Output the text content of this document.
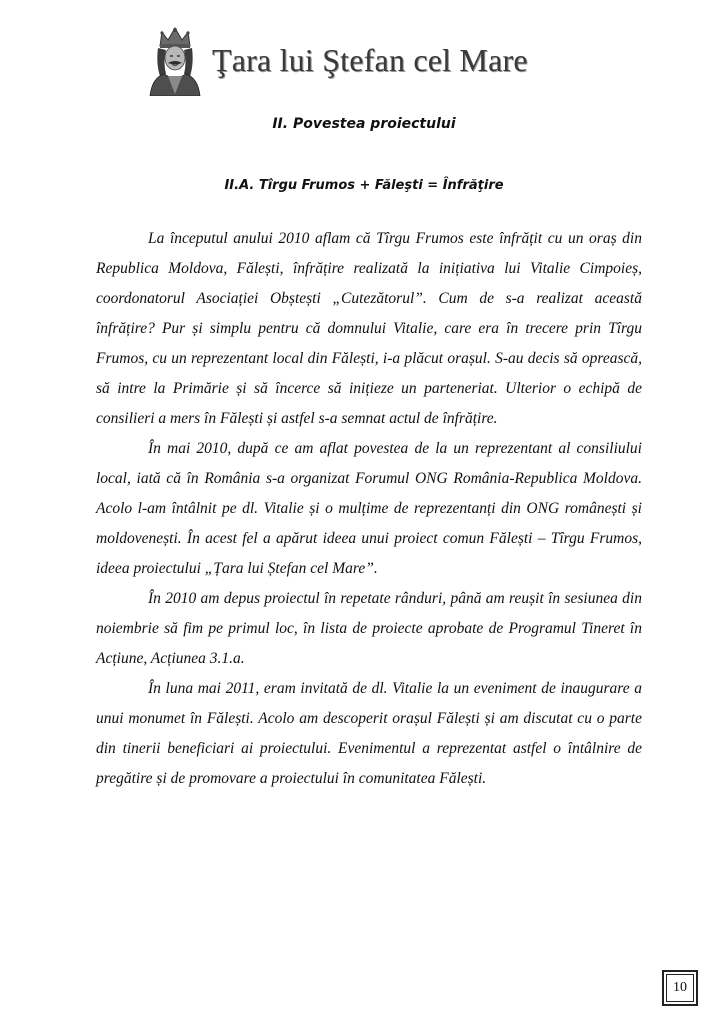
Ţara lui Ştefan cel Mare
II. Povestea proiectului
II.A. Tîrgu Frumos + Făleşti = Înfrăţire

La începutul anului 2010 aflam că Tîrgu Frumos este înfrățit cu un oraș din Republica Moldova, Fălești, înfrățire realizată la inițiativa lui Vitalie Cimpoieș, coordonatorul Asociației Obștești „Cutezătorul”. Cum de s-a realizat această înfrățire? Pur și simplu pentru că domnului Vitalie, care era în trecere prin Tîrgu Frumos, cu un reprezentant local din Fălești, i-a plăcut orașul. S-au decis să oprească, să intre la Primărie și să încerce să inițieze un parteneriat. Ulterior o echipă de consilieri a mers în Fălești și astfel s-a semnat actul de înfrățire.

În mai 2010, după ce am aflat povestea de la un reprezentant al consiliului local, iată că în România s-a organizat Forumul ONG România-Republica Moldova. Acolo l-am întâlnit pe dl. Vitalie și o mulțime de reprezentanți din ONG românești și moldovenești. În acest fel a apărut ideea unui proiect comun Fălești – Tîrgu Frumos, ideea proiectului „Țara lui Ștefan cel Mare”.

În 2010 am depus proiectul în repetate rânduri, până am reușit în sesiunea din noiembrie să fim pe primul loc, în lista de proiecte aprobate de Programul Tineret în Acțiune, Acțiunea 3.1.a.

În luna mai 2011, eram invitată de dl. Vitalie la un eveniment de inaugurare a unui monumet în Fălești. Acolo am descoperit orașul Fălești și am discutat cu o parte din tinerii beneficiari ai proiectului. Evenimentul a reprezentat astfel o întâlnire de pregătire și de promovare a proiectului în comunitatea Fălești.

10
